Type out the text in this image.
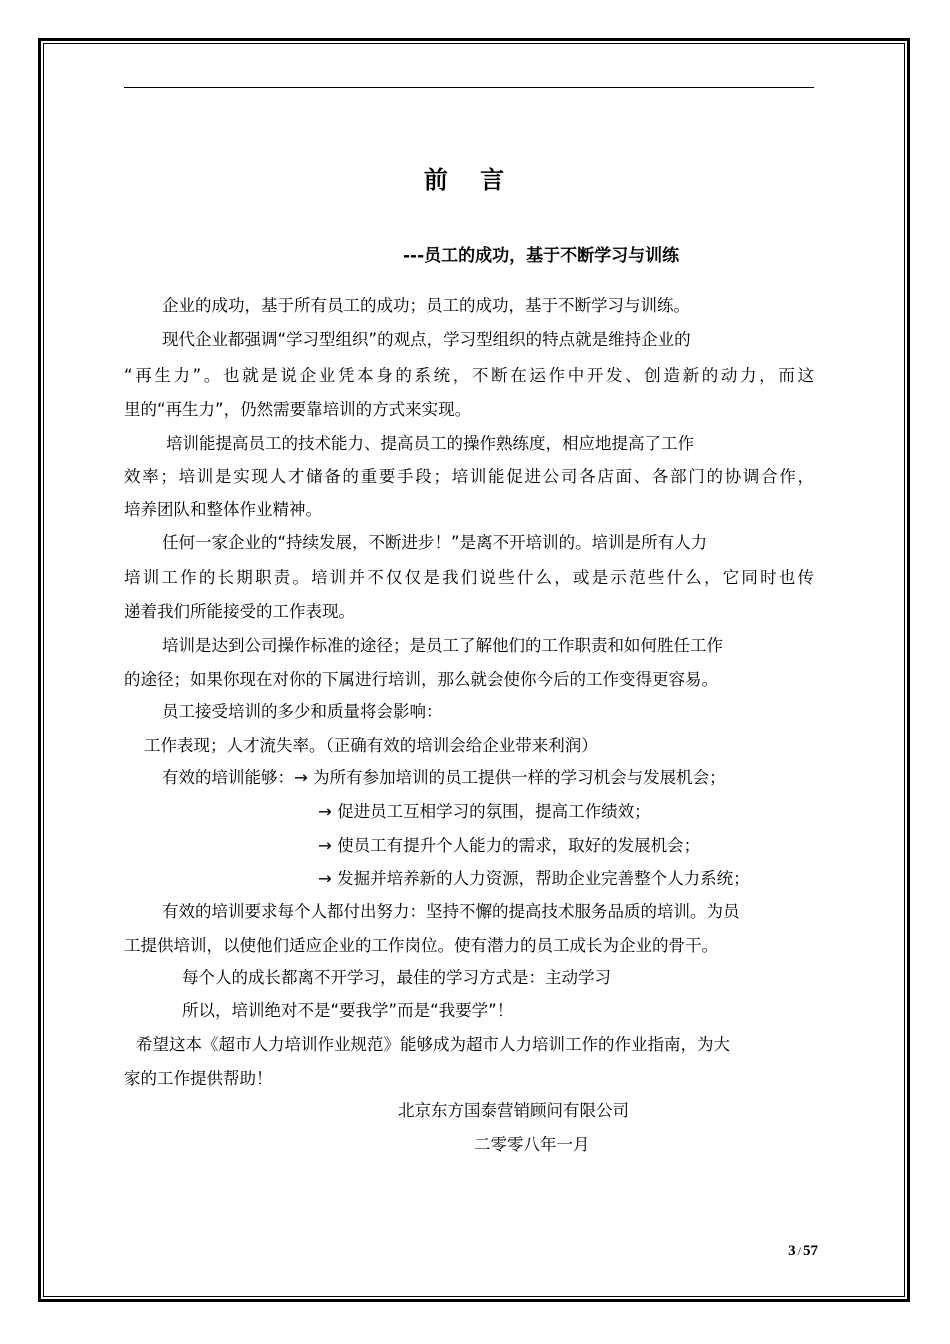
前 言

---员工的成功，基于不断学习与训练

企业的成功，基于所有员工的成功；员工的成功，基于不断学习与训练。

现代企业都强调“学习型组织”的观点，学习型组织的特点就是维持企业的

“再生力”。也就是说企业凭本身的系统，不断在运作中开发、创造新的动力，而这

里的“再生力”，仍然需要靠培训的方式来实现。

培训能提高员工的技术能力、提高员工的操作熟练度，相应地提高了工作

效率；培训是实现人才储备的重要手段；培训能促进公司各店面、各部门的协调合作，

培养团队和整体作业精神。

任何一家企业的“持续发展，不断进步！”是离不开培训的。培训是所有人力

培训工作的长期职责。培训并不仅仅是我们说些什么，或是示范些什么，它同时也传

递着我们所能接受的工作表现。

培训是达到公司操作标准的途径；是员工了解他们的工作职责和如何胜任工作

的途径；如果你现在对你的下属进行培训，那么就会使你今后的工作变得更容易。

员工接受培训的多少和质量将会影响：

工作表现；人才流失率。（正确有效的培训会给企业带来利润）

有效的培训能够：→ 为所有参加培训的员工提供一样的学习机会与发展机会；

→ 促进员工互相学习的氛围，提高工作绩效；

→ 使员工有提升个人能力的需求，取好的发展机会；

→ 发掘并培养新的人力资源，帮助企业完善整个人力系统；

有效的培训要求每个人都付出努力：坚持不懈的提高技术服务品质的培训。为员

工提供培训，以使他们适应企业的工作岗位。使有潜力的员工成长为企业的骨干。

每个人的成长都离不开学习，最佳的学习方式是：主动学习

所以，培训绝对不是“要我学”而是“我要学”！

希望这本《超市人力培训作业规范》能够成为超市人力培训工作的作业指南，为大

家的工作提供帮助！

北京东方国泰营销顾问有限公司

二零零八年一月

3 / 57
